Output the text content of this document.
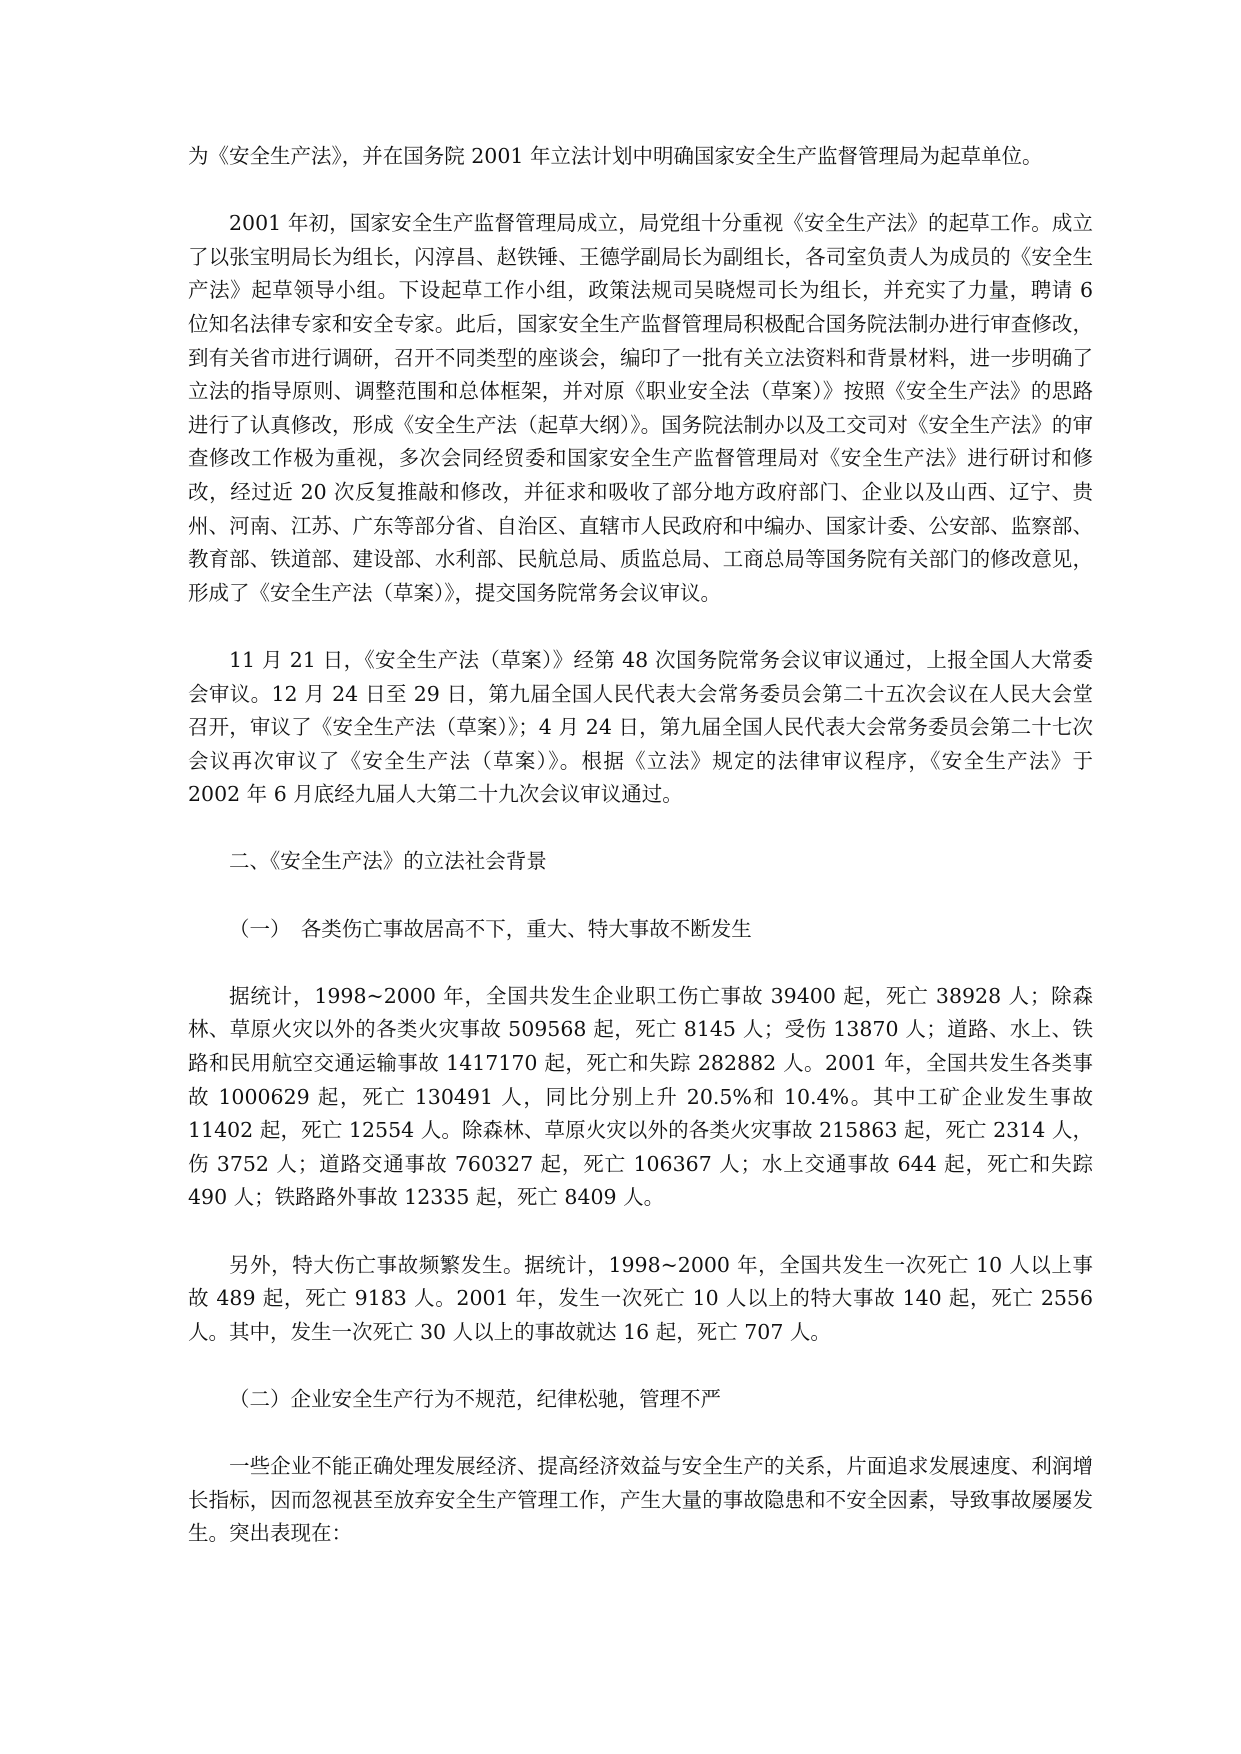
为《安全生产法》，并在国务院 2001 年立法计划中明确国家安全生产监督管理局为起草单位。

2001 年初，国家安全生产监督管理局成立，局党组十分重视《安全生产法》的起草工作。成立了以张宝明局长为组长，闪淳昌、赵铁锤、王德学副局长为副组长，各司室负责人为成员的《安全生产法》起草领导小组。下设起草工作小组，政策法规司吴晓煜司长为组长，并充实了力量，聘请 6 位知名法律专家和安全专家。此后，国家安全生产监督管理局积极配合国务院法制办进行审查修改，到有关省市进行调研，召开不同类型的座谈会，编印了一批有关立法资料和背景材料，进一步明确了立法的指导原则、调整范围和总体框架，并对原《职业安全法（草案）》按照《安全生产法》的思路进行了认真修改，形成《安全生产法（起草大纲）》。国务院法制办以及工交司对《安全生产法》的审查修改工作极为重视，多次会同经贸委和国家安全生产监督管理局对《安全生产法》进行研讨和修改，经过近 20 次反复推敲和修改，并征求和吸收了部分地方政府部门、企业以及山西、辽宁、贵州、河南、江苏、广东等部分省、自治区、直辖市人民政府和中编办、国家计委、公安部、监察部、教育部、铁道部、建设部、水利部、民航总局、质监总局、工商总局等国务院有关部门的修改意见，形成了《安全生产法（草案）》，提交国务院常务会议审议。

11 月 21 日，《安全生产法（草案）》经第 48 次国务院常务会议审议通过，上报全国人大常委会审议。12 月 24 日至 29 日，第九届全国人民代表大会常务委员会第二十五次会议在人民大会堂召开，审议了《安全生产法（草案）》；4 月 24 日，第九届全国人民代表大会常务委员会第二十七次会议再次审议了《安全生产法（草案）》。根据《立法》规定的法律审议程序，《安全生产法》于 2002 年 6 月底经九届人大第二十九次会议审议通过。

二、《安全生产法》的立法社会背景

（一）　各类伤亡事故居高不下，重大、特大事故不断发生

据统计，1998~2000 年，全国共发生企业职工伤亡事故 39400 起，死亡 38928 人；除森林、草原火灾以外的各类火灾事故 509568 起，死亡 8145 人；受伤 13870 人；道路、水上、铁路和民用航空交通运输事故 1417170 起，死亡和失踪 282882 人。2001 年，全国共发生各类事故 1000629 起，死亡 130491 人，同比分别上升 20.5%和 10.4%。其中工矿企业发生事故 11402 起，死亡 12554 人。除森林、草原火灾以外的各类火灾事故 215863 起，死亡 2314 人，伤 3752 人；道路交通事故 760327 起，死亡 106367 人；水上交通事故 644 起，死亡和失踪 490 人；铁路路外事故 12335 起，死亡 8409 人。

另外，特大伤亡事故频繁发生。据统计，1998~2000 年，全国共发生一次死亡 10 人以上事故 489 起，死亡 9183 人。2001 年，发生一次死亡 10 人以上的特大事故 140 起，死亡 2556 人。其中，发生一次死亡 30 人以上的事故就达 16 起，死亡 707 人。

（二）企业安全生产行为不规范，纪律松驰，管理不严

一些企业不能正确处理发展经济、提高经济效益与安全生产的关系，片面追求发展速度、利润增长指标，因而忽视甚至放弃安全生产管理工作，产生大量的事故隐患和不安全因素，导致事故屡屡发生。突出表现在：
